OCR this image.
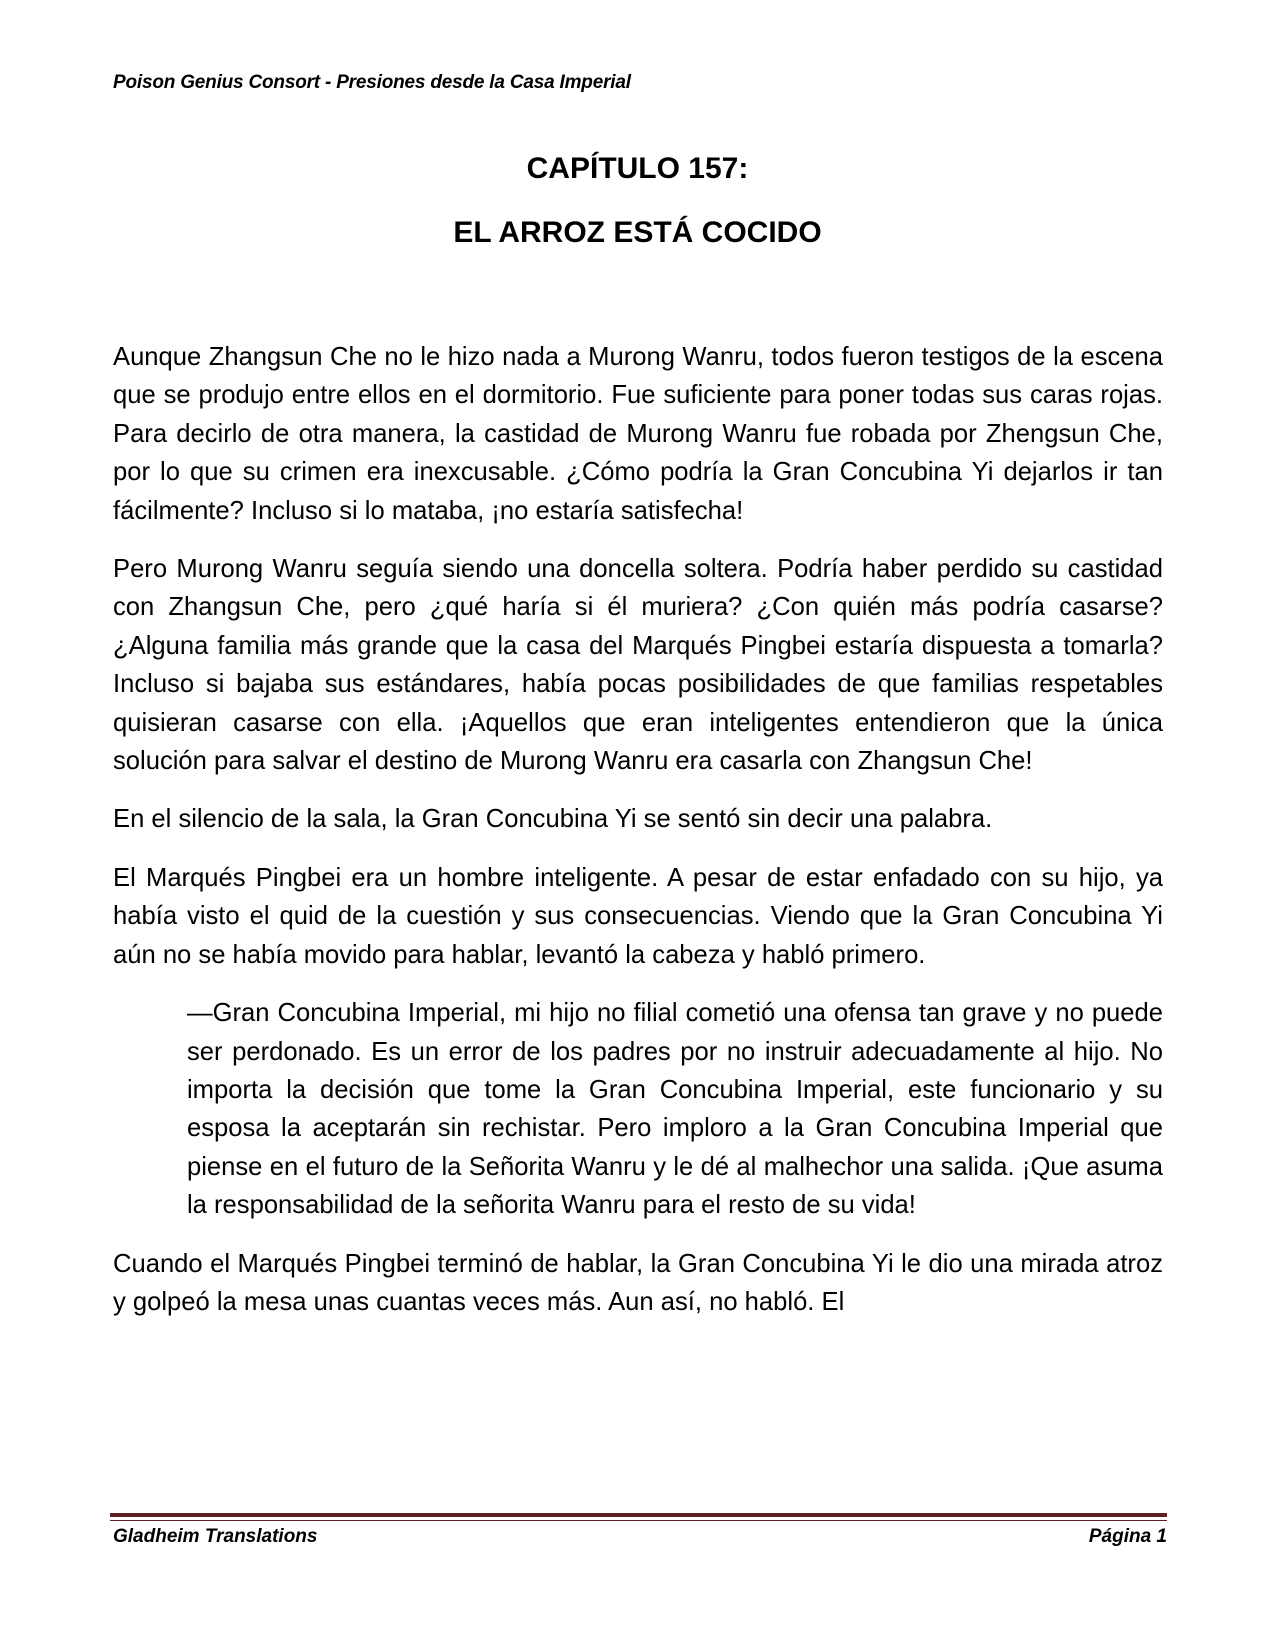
Poison Genius Consort - Presiones desde la Casa Imperial
CAPÍTULO 157:
EL ARROZ ESTÁ COCIDO

Aunque Zhangsun Che no le hizo nada a Murong Wanru, todos fueron testigos de la escena que se produjo entre ellos en el dormitorio. Fue suficiente para poner todas sus caras rojas. Para decirlo de otra manera, la castidad de Murong Wanru fue robada por Zhengsun Che, por lo que su crimen era inexcusable. ¿Cómo podría la Gran Concubina Yi dejarlos ir tan fácilmente? Incluso si lo mataba, ¡no estaría satisfecha!

Pero Murong Wanru seguía siendo una doncella soltera. Podría haber perdido su castidad con Zhangsun Che, pero ¿qué haría si él muriera? ¿Con quién más podría casarse? ¿Alguna familia más grande que la casa del Marqués Pingbei estaría dispuesta a tomarla? Incluso si bajaba sus estándares, había pocas posibilidades de que familias respetables quisieran casarse con ella. ¡Aquellos que eran inteligentes entendieron que la única solución para salvar el destino de Murong Wanru era casarla con Zhangsun Che!

En el silencio de la sala, la Gran Concubina Yi se sentó sin decir una palabra.

El Marqués Pingbei era un hombre inteligente. A pesar de estar enfadado con su hijo, ya había visto el quid de la cuestión y sus consecuencias. Viendo que la Gran Concubina Yi aún no se había movido para hablar, levantó la cabeza y habló primero.

—Gran Concubina Imperial, mi hijo no filial cometió una ofensa tan grave y no puede ser perdonado. Es un error de los padres por no instruir adecuadamente al hijo. No importa la decisión que tome la Gran Concubina Imperial, este funcionario y su esposa la aceptarán sin rechistar. Pero imploro a la Gran Concubina Imperial que piense en el futuro de la Señorita Wanru y le dé al malhechor una salida. ¡Que asuma la responsabilidad de la señorita Wanru para el resto de su vida!

Cuando el Marqués Pingbei terminó de hablar, la Gran Concubina Yi le dio una mirada atroz y golpeó la mesa unas cuantas veces más. Aun así, no habló. El

Gladheim Translations	Página 1
